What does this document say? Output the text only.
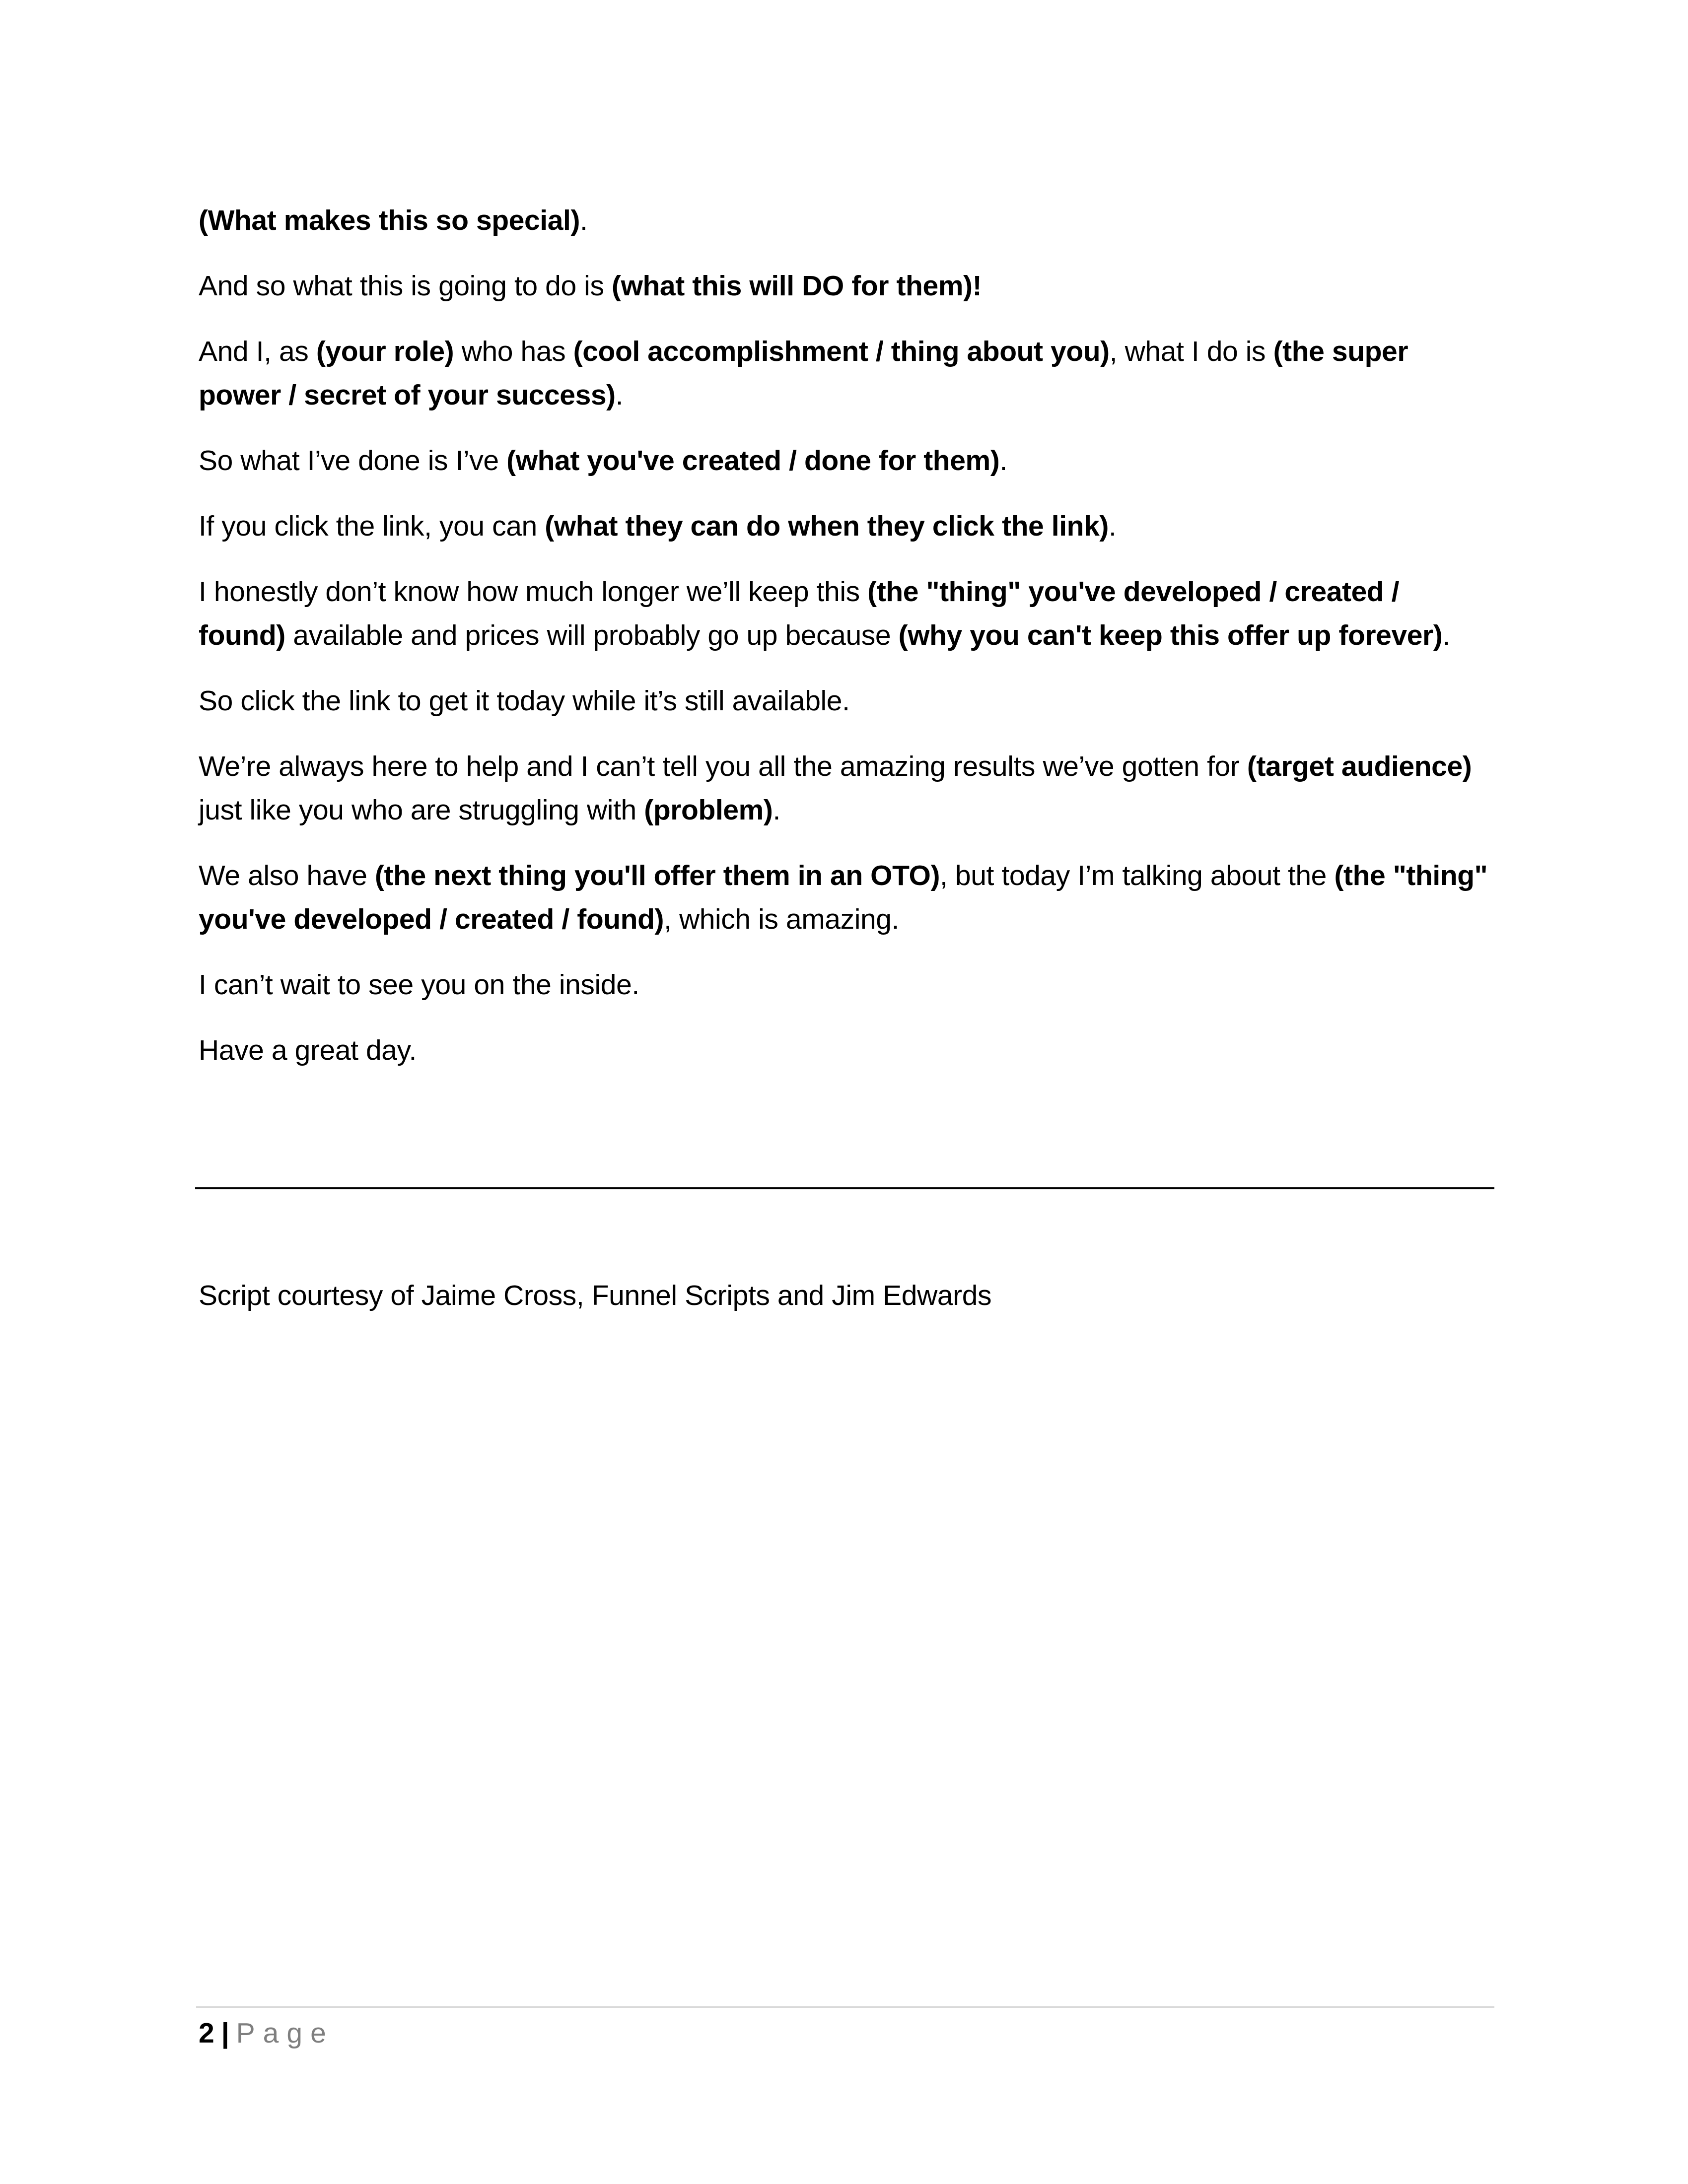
(What makes this so special).

And so what this is going to do is (what this will DO for them)!

And I, as (your role) who has (cool accomplishment / thing about you), what I do is (the super power / secret of your success).

So what I’ve done is I’ve (what you've created / done for them).

If you click the link, you can (what they can do when they click the link).

I honestly don’t know how much longer we’ll keep this (the "thing" you've developed / created / found) available and prices will probably go up because (why you can't keep this offer up forever).

So click the link to get it today while it’s still available.

We’re always here to help and I can’t tell you all the amazing results we’ve gotten for (target audience) just like you who are struggling with (problem).

We also have (the next thing you'll offer them in an OTO), but today I’m talking about the (the "thing" you've developed / created / found), which is amazing.

I can’t wait to see you on the inside.

Have a great day.

Script courtesy of Jaime Cross, Funnel Scripts and Jim Edwards
2 | Page
